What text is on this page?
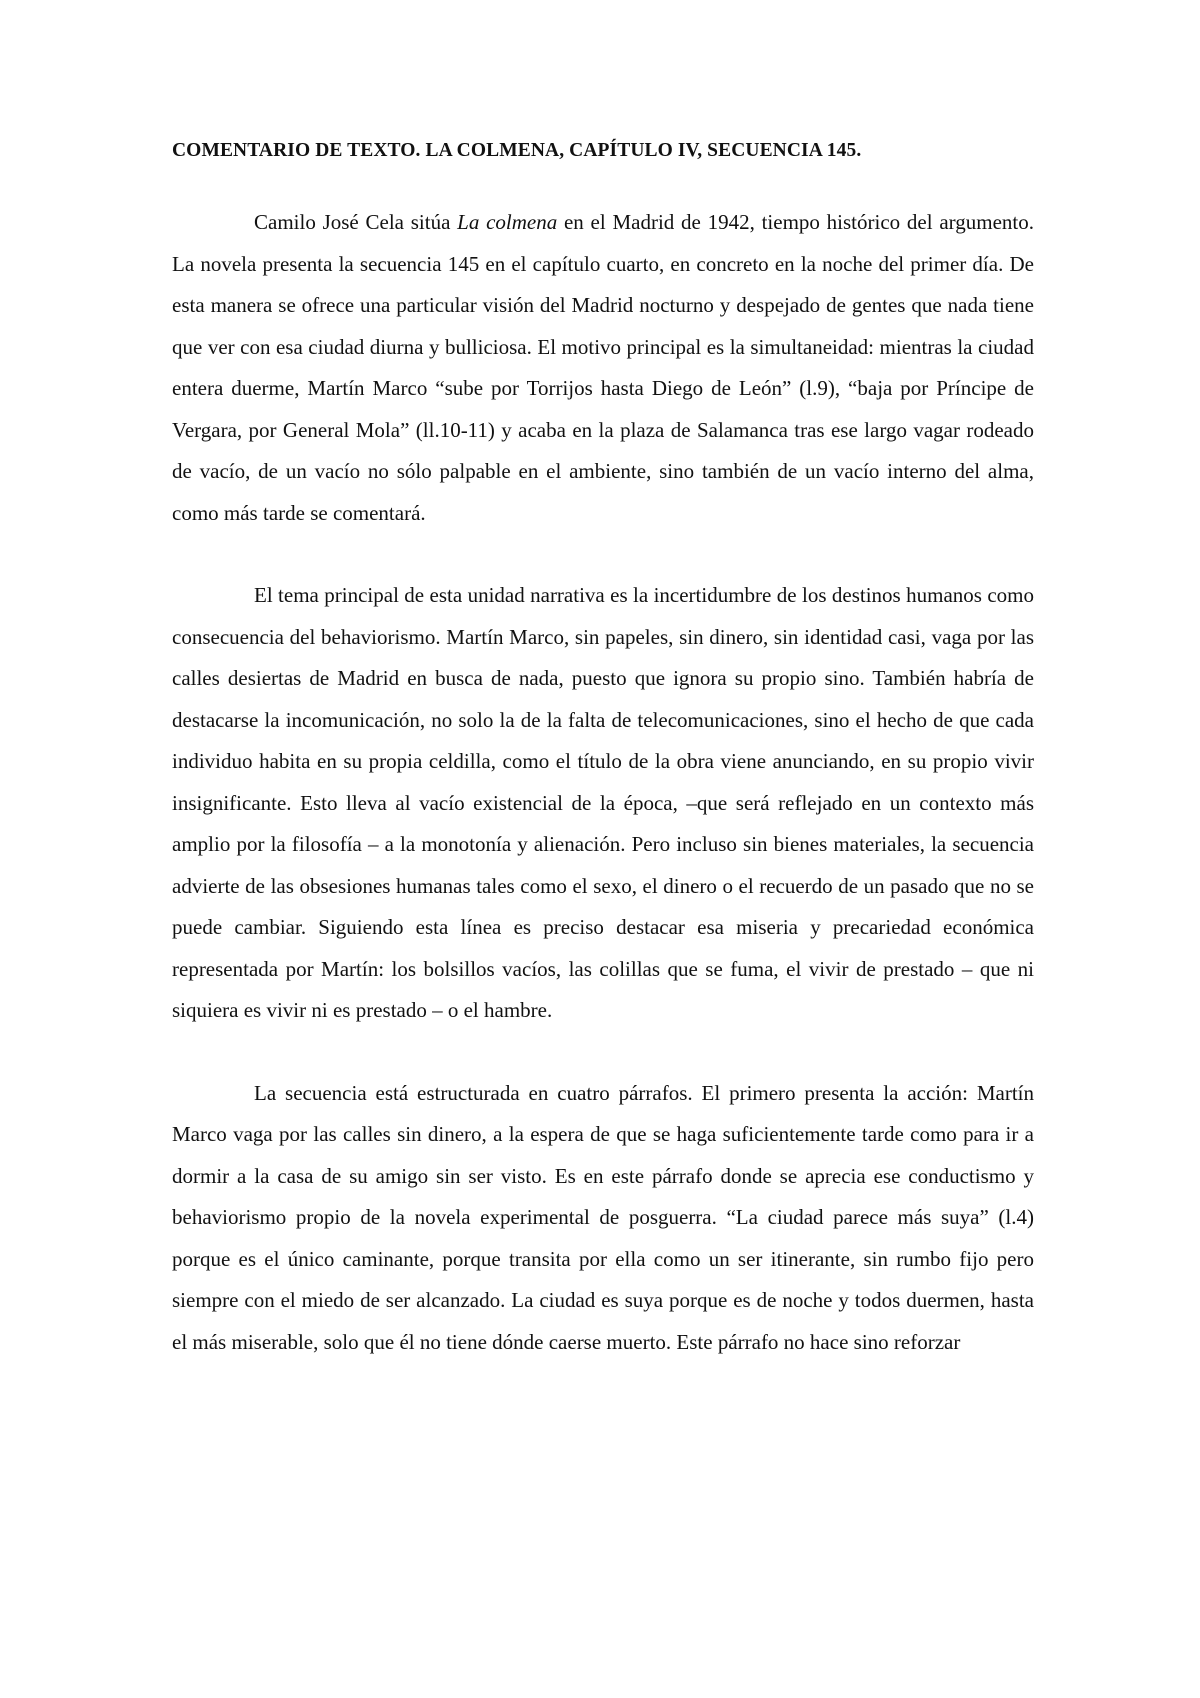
COMENTARIO DE TEXTO. LA COLMENA, CAPÍTULO IV, SECUENCIA 145.

Camilo José Cela sitúa La colmena en el Madrid de 1942, tiempo histórico del argumento. La novela presenta la secuencia 145 en el capítulo cuarto, en concreto en la noche del primer día. De esta manera se ofrece una particular visión del Madrid nocturno y despejado de gentes que nada tiene que ver con esa ciudad diurna y bulliciosa. El motivo principal es la simultaneidad: mientras la ciudad entera duerme, Martín Marco “sube por Torrijos hasta Diego de León” (l.9), “baja por Príncipe de Vergara, por General Mola” (ll.10-11) y acaba en la plaza de Salamanca tras ese largo vagar rodeado de vacío, de un vacío no sólo palpable en el ambiente, sino también de un vacío interno del alma, como más tarde se comentará.

El tema principal de esta unidad narrativa es la incertidumbre de los destinos humanos como consecuencia del behaviorismo. Martín Marco, sin papeles, sin dinero, sin identidad casi, vaga por las calles desiertas de Madrid en busca de nada, puesto que ignora su propio sino. También habría de destacarse la incomunicación, no solo la de la falta de telecomunicaciones, sino el hecho de que cada individuo habita en su propia celdilla, como el título de la obra viene anunciando, en su propio vivir insignificante. Esto lleva al vacío existencial de la época, –que será reflejado en un contexto más amplio por la filosofía – a la monotonía y alienación. Pero incluso sin bienes materiales, la secuencia advierte de las obsesiones humanas tales como el sexo, el dinero o el recuerdo de un pasado que no se puede cambiar. Siguiendo esta línea es preciso destacar esa miseria y precariedad económica representada por Martín: los bolsillos vacíos, las colillas que se fuma, el vivir de prestado – que ni siquiera es vivir ni es prestado – o el hambre.

La secuencia está estructurada en cuatro párrafos. El primero presenta la acción: Martín Marco vaga por las calles sin dinero, a la espera de que se haga suficientemente tarde como para ir a dormir a la casa de su amigo sin ser visto. Es en este párrafo donde se aprecia ese conductismo y behaviorismo propio de la novela experimental de posguerra. “La ciudad parece más suya” (l.4) porque es el único caminante, porque transita por ella como un ser itinerante, sin rumbo fijo pero siempre con el miedo de ser alcanzado. La ciudad es suya porque es de noche y todos duermen, hasta el más miserable, solo que él no tiene dónde caerse muerto. Este párrafo no hace sino reforzar
